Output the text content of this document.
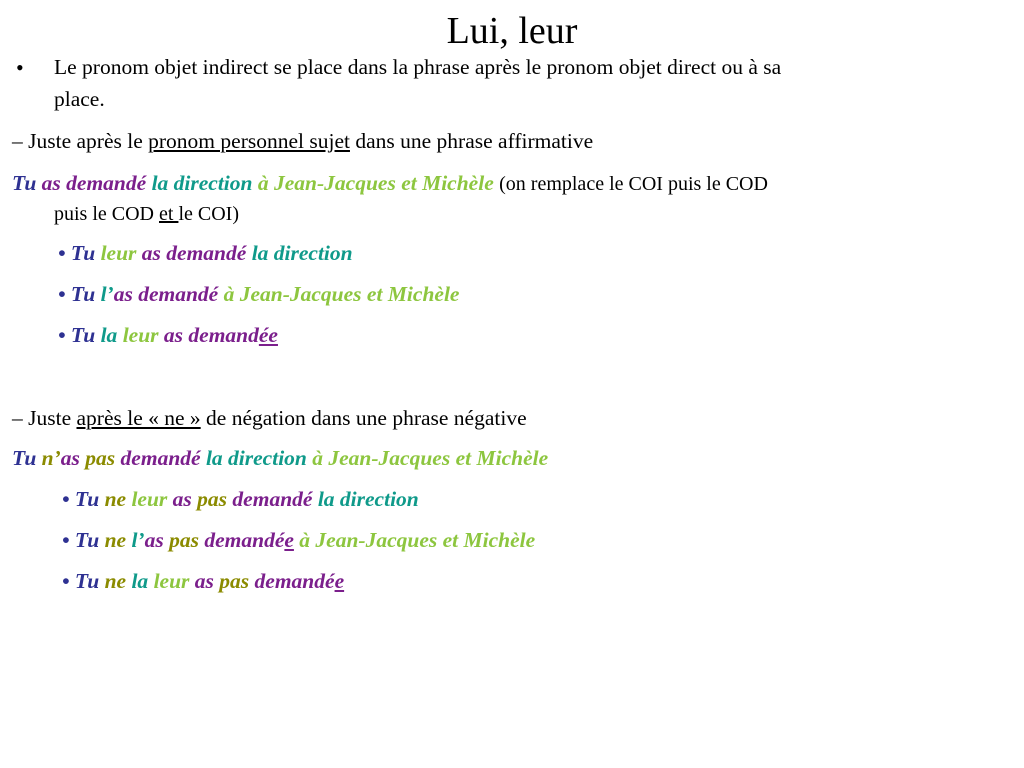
Lui, leur
• Le pronom objet indirect se place dans la phrase après le pronom objet direct ou à sa
place.
– Juste après le pronom personnel sujet dans une phrase affirmative
Tu as demandé la direction à Jean-Jacques et Michèle (on remplace le COI puis le COD
puis le COD et le COI)
• Tu leur as demandé la direction
• Tu l’as demandé à Jean-Jacques et Michèle
• Tu la leur as demandée
– Juste après le « ne » de négation dans une phrase négative
Tu n’as pas demandé la direction à Jean-Jacques et Michèle
• Tu ne leur as pas demandé la direction
• Tu ne l’as pas demandée à Jean-Jacques et Michèle
• Tu ne la leur as pas demandée
